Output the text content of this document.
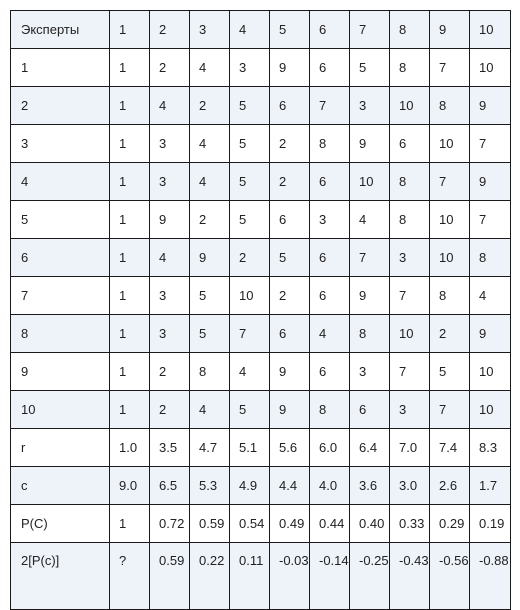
Эксперты	1	2	3	4	5	6	7	8	9	10
1	1	2	4	3	9	6	5	8	7	10
2	1	4	2	5	6	7	3	10	8	9
3	1	3	4	5	2	8	9	6	10	7
4	1	3	4	5	2	6	10	8	7	9
5	1	9	2	5	6	3	4	8	10	7
6	1	4	9	2	5	6	7	3	10	8
7	1	3	5	10	2	6	9	7	8	4
8	1	3	5	7	6	4	8	10	2	9
9	1	2	8	4	9	6	3	7	5	10
10	1	2	4	5	9	8	6	3	7	10
r	1.0	3.5	4.7	5.1	5.6	6.0	6.4	7.0	7.4	8.3
c	9.0	6.5	5.3	4.9	4.4	4.0	3.6	3.0	2.6	1.7
P(C)	1	0.72	0.59	0.54	0.49	0.44	0.40	0.33	0.29	0.19
2[P(c)]	?	0.59	0.22	0.11	-0.03	-0.14	-0.25	-0.43	-0.56	-0.88
